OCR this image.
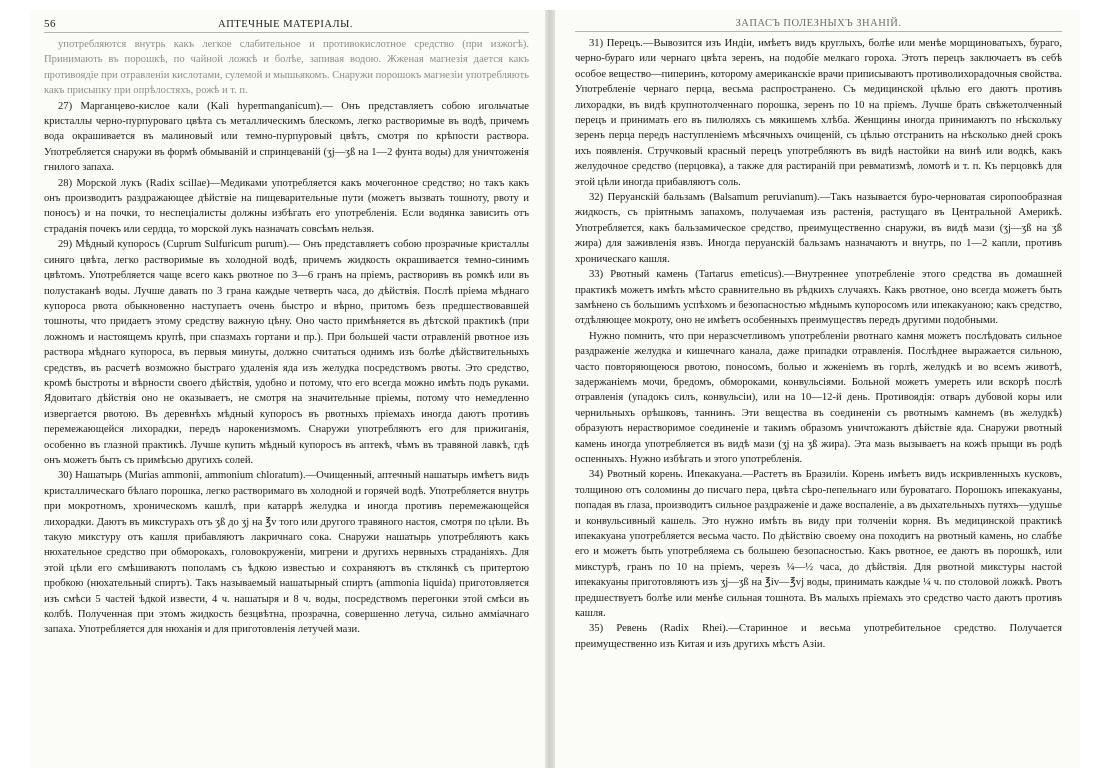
56	АПТЕЧНЫЕ МАТЕРIАЛЫ.

употребляются внутрь какъ легкое слабительное и противокислотное средство (при изжогѣ). Принимають въ порошкѣ, по чайной ложкѣ и болѣе, запивая водою. Жженая магнезія дается какъ противоядіе при отравленiи кислотами, сулемой и мышьякомъ. Снаружи порошокъ магнезiи употребляють какъ присыпку при опрѣлостяхъ, рожѣ и т. п.

27) Марганцево-кислое кали (Kali hypermanganicum).— Онъ представляетъ собою игольчатые кристаллы черно-пурпуроваго цвѣта съ металлическимъ блескомъ, легко растворимые въ водѣ, причемъ вода окрашивается въ малиновый или темно-пурпуровый цвѣтъ, смотря по крѣпости раствора. Употребляется снаружи въ формѣ обмываній и спринцеваній (ʒj—ʒß на 1—2 фунта воды) для уничтоженія гнилого запаха.

28) Морской лукъ (Radix scillae)—Медиками употребляется какъ мочегонное средство; но такъ какъ онъ производитъ раздражающее дѣйствіе на пищеварительные пути (можетъ вызвать тошноту, рвоту и поносъ) и на почки, то неспеціалисты должны избѣгать его употребленія. Если водянка зависить отъ страданія почекъ или сердца, то морской лукъ назначать совсѣмъ нельзя.

29) Мѣдный купоросъ (Cuprum Sulfuricum purum).— Онъ представляетъ собою прозрачные кристаллы синяго цвѣта, легко растворимые въ холодной водѣ, причемъ жидкость окрашивается темно-синимъ цвѣтомъ. Употребляется чаще всего какъ рвотное по 3—6 гранъ на пріемъ, растворивъ въ ромкѣ или въ полустаканѣ воды. Лучше давать по 3 грана каждые четверть часа, до дѣйствія. Послѣ пріема мѣднаго купороса рвота обыкновенно наступаетъ очень быстро и вѣрно, притомъ безъ предшествовавшей тошноты, что придаетъ этому средству важную цѣну. Оно часто примѣняется въ дѣтской практикѣ (при ложномъ и настоящемъ крупѣ, при спазмахъ гортани и пр.). При большей части отравленій рвотное изъ раствора мѣднаго купороса, въ первыя минуты, должно считаться однимъ изъ болѣе дѣйствительныхъ средствъ, въ расчетѣ возможно быстраго удаленія яда изъ желудка посредствомъ рвоты. Это средство, кромѣ быстроты и вѣрности своего дѣйствія, удобно и потому, что его всегда можно имѣть подъ руками. Ядовитаго дѣйствія оно не оказываетъ, не смотря на значительные пріемы, потому что немедленно извергается рвотою. Въ деревнѣхъ мѣдный купоросъ въ рвотныхъ пріемахъ иногда даютъ противъ перемежающейся лихорадки, передъ нарокенизмомъ. Снаружи употребляютъ его для прижиганія, особенно въ глазной практикѣ. Лучше купить мѣдный купоросъ въ аптекѣ, чѣмъ въ травяной лавкѣ, гдѣ онъ можетъ быть съ примѣсью другихъ солей.

30) Нашатырь (Murias ammonii, ammonium chloratum).—Очищенный, аптечный нашатырь имѣетъ видъ кристаллическаго бѣлаго порошка, легко растворимаго въ холодной и горячей водѣ. Употребляется внутрь при мокротномъ, хроническомъ кашлѣ, при катаррѣ желудка и иногда противъ перемежающейся лихорадки. Даютъ въ микстурахъ отъ ʒß до ʒj на ℥v того или другого травяного настоя, смотря по цѣли. Въ такую микстуру отъ кашля прибавляютъ лакричнаго сока. Снаружи нашатырь употребляютъ какъ нюхательное средство при обморокахъ, головокруженіи, мигрени и другихъ нервныхъ страданіяхъ. Для этой цѣли его смѣшиваютъ пополамъ съ ѣдкою известью и сохраняютъ въ стклянкѣ съ притертою пробкою (нюхательный спиртъ). Такъ называемый нашатырный спиртъ (ammonia liquida) приготовляется изъ смѣси 5 частей ѣдкой извести, 4 ч. нашатыря и 8 ч. воды, посредствомъ перегонки этой смѣси въ колбѣ. Полученная при этомъ жидкость безцвѣтна, прозрачна, совершенно летуча, сильно аммiачнаго запаха. Употребляется для нюханія и для приготовленія летучей мази.

ЗАПАСЪ ПОЛЕЗНЫХЪ ЗНАНIЙ.

31) Перецъ.—Вывозится изъ Индіи, имѣетъ видъ круглыхъ, болѣе или менѣе морщиноватыхъ, бураго, черно-бураго или чернаго цвѣта зеренъ, на подобіе мелкаго гороха. Этотъ перецъ заключаетъ въ себѣ особое вещество—пиперинъ, которому американскіе врачи приписываютъ противолихорадочныя свойства. Употребленіе чернаго перца, весьма распространено. Съ медицинской цѣлью его даютъ противъ лихорадки, въ видѣ крупнотолченнаго порошка, зеренъ по 10 на пріемъ. Лучше брать свѣжетолченный перецъ и принимать его въ пилюляхъ съ мякишемъ хлѣба. Женщины иногда принимаютъ по нѣскольку зеренъ перца передъ наступленіемъ мѣсячныхъ очищеній, съ цѣлью отстранить на нѣсколько дней срокъ ихъ появленія. Стручковый красный перецъ употребляютъ въ видѣ настойки на винѣ или водкѣ, какъ желудочное средство (перцовка), а также для растираній при ревматизмѣ, ломотѣ и т. п. Къ перцовкѣ для этой цѣли иногда прибавляютъ соль.

32) Перуанскій бальзамъ (Balsamum peruvianum).—Такъ называется буро-черноватая сиропообразная жидкость, съ пріятнымъ запахомъ, получаемая изъ растенія, растущаго въ Центральной Америкѣ. Употребляется, какъ бальзамическое средство, преимущественно снаружи, въ видѣ мази (ʒj—ʒß на ʒß жира) для заживленія язвъ. Иногда перуанскій бальзамъ назначаютъ и внутрь, по 1—2 капли, противъ хроническаго кашля.

33) Рвотный камень (Tartarus emeticus).—Внутреннее употребленіе этого средства въ домашней практикѣ можетъ имѣть мѣсто сравнительно въ рѣдкихъ случаяхъ. Какъ рвотное, оно всегда можетъ быть замѣнено съ большимъ успѣхомъ и безопасностью мѣднымъ купоросомъ или ипекакуаною; какъ средство, отдѣляющее мокроту, оно не имѣетъ особенныхъ преимуществъ передъ другими подобными.

Нужно помнить, что при неразсчетливомъ употребленіи рвотнаго камня можетъ послѣдовать сильное раздраженіе желудка и кишечнаго канала, даже припадки отравленія. Послѣднее выражается сильною, часто повторяющеюся рвотою, поносомъ, болью и жженіемъ въ горлѣ, желудкѣ и во всемъ животѣ, задержаніемъ мочи, бредомъ, обмороками, конвульсіями. Больной можетъ умереть или вскорѣ послѣ отравленія (упадокъ силъ, конвульсіи), или на 10—12-й день. Противоядія: отваръ дубовой коры или чернильныхъ орѣшковъ, таннинъ. Эти вещества въ соединеніи съ рвотнымъ камнемъ (въ желудкѣ) образуютъ нерастворимое соединеніе и такимъ образомъ уничтожаютъ дѣйствіе яда. Снаружи рвотный камень иногда употребляется въ видѣ мази (ʒj на ʒß жира). Эта мазь вызываетъ на кожѣ прыщи въ родѣ оспенныхъ. Нужно избѣгать и этого употребленія.

34) Рвотный корень. Ипекакуана.—Растетъ въ Бразиліи. Корень имѣетъ видъ искривленныхъ кусковъ, толщиною отъ соломины до писчаго пера, цвѣта сѣро-пепельнаго или буроватаго. Порошокъ ипекакуаны, попадая въ глаза, производитъ сильное раздраженіе и даже воспаленіе, а въ дыхательныхъ путяхъ—удушье и конвульсивный кашель. Это нужно имѣть въ виду при толченіи корня. Въ медицинской практикѣ ипекакуана употребляется весьма часто. По дѣйствію своему она походитъ на рвотный камень, но слабѣе его и можетъ быть употребляема съ большею безопасностью. Какъ рвотное, ее даютъ въ порошкѣ, или микстурѣ, гранъ по 10 на пріемъ, черезъ ¼—½ часа, до дѣйствія. Для рвотной микстуры настой ипекакуаны приготовляютъ изъ ʒj—ʒß на ℥iv—℥vj воды, принимать каждые ¼ ч. по столовой ложкѣ. Рвотъ предшествуетъ болѣе или менѣе сильная тошнота. Въ малыхъ пріемахъ это средство часто даютъ противъ кашля.

35) Ревень (Radix Rhei).—Старинное и весьма употребительное средство. Получается преимущественно изъ Китая и изъ другихъ мѣстъ Азіи.
